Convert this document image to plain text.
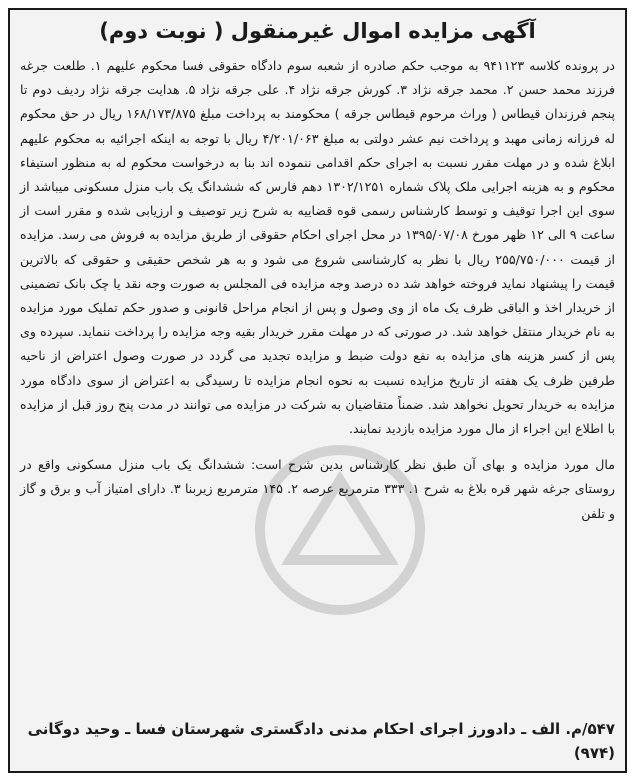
آگهی مزایده اموال غیرمنقول ( نوبت دوم)

در پرونده کلاسه ۹۴۱۱۲۳ به موجب حکم صادره از شعبه سوم دادگاه حقوقی فسا محکوم علیهم ۱. طلعت جرغه فرزند محمد حسن ۲. محمد جرقه نژاد ۳. کورش جرقه نژاد ۴. علی جرقه نژاد ۵. هدایت جرقه نژاد ردیف دوم تا پنجم فرزندان قیطاس ( وراث مرحوم قیطاس جرقه ) محکومند به پرداخت مبلغ ۱۶۸/۱۷۳/۸۷۵ ریال در حق محکوم له فرزانه زمانی مهبد و پرداخت نیم عشر دولتی به مبلغ ۴/۲۰۱/۰۶۳ ریال با توجه به اینکه اجرائیه به محکوم علیهم ابلاغ شده و در مهلت مقرر نسبت به اجرای حکم اقدامی ننموده اند بنا به درخواست محکوم له به منظور استیفاء محکوم و به هزینه اجرایی ملک پلاک شماره ۱۳۰۲/۱۲۵۱ دهم فارس که ششدانگ یک باب منزل مسکونی میباشد از سوی این اجرا توقیف و توسط کارشناس رسمی قوه قضاییه به شرح زیر توصیف و ارزیابی شده و مقرر است از ساعت ۹ الی ۱۲ ظهر مورخ ۱۳۹۵/۰۷/۰۸ در محل اجرای احکام حقوقی از طریق مزایده به فروش می رسد. مزایده از قیمت ۲۵۵/۷۵۰/۰۰۰ ریال با نظر به کارشناسی شروع می شود و به هر شخص حقیقی و حقوقی که بالاترین قیمت را پیشنهاد نماید فروخته خواهد شد ده درصد وجه مزایده فی المجلس به صورت وجه نقد یا چک بانک تضمینی از خریدار اخذ و الباقی ظرف یک ماه از وی وصول و پس از انجام مراحل قانونی و صدور حکم تملیک مورد مزایده به نام خریدار منتقل خواهد شد. در صورتی که در مهلت مقرر خریدار بقیه وجه مزایده را پرداخت ننماید. سپرده وی پس از کسر هزینه های مزایده به نفع دولت ضبط و مزایده تجدید می گردد در صورت وصول اعتراض از ناحیه طرفین ظرف یک هفته از تاریخ مزایده نسبت به نحوه انجام مزایده تا رسیدگی به اعتراض از سوی دادگاه مورد مزایده به خریدار تحویل نخواهد شد. ضمناً متقاضیان به شرکت در مزایده می توانند در مدت پنج روز قبل از مزایده با اطلاع این اجراء از مال مورد مزایده بازدید نمایند.

مال مورد مزایده و بهای آن طبق نظر کارشناس بدین شرح است: ششدانگ یک باب منزل مسکونی واقع در روستای جرغه شهر قره بلاغ به شرح ۱. ۳۳۳ مترمربع عرصه ۲. ۱۴۵ مترمربع زیربنا ۳. دارای امتیاز آب و برق و گاز و تلفن

۵۴۷/م. الف ـ دادورز اجرای احکام مدنی دادگستری شهرستان فسا ـ وحید دوگانی (۹۷۴)
